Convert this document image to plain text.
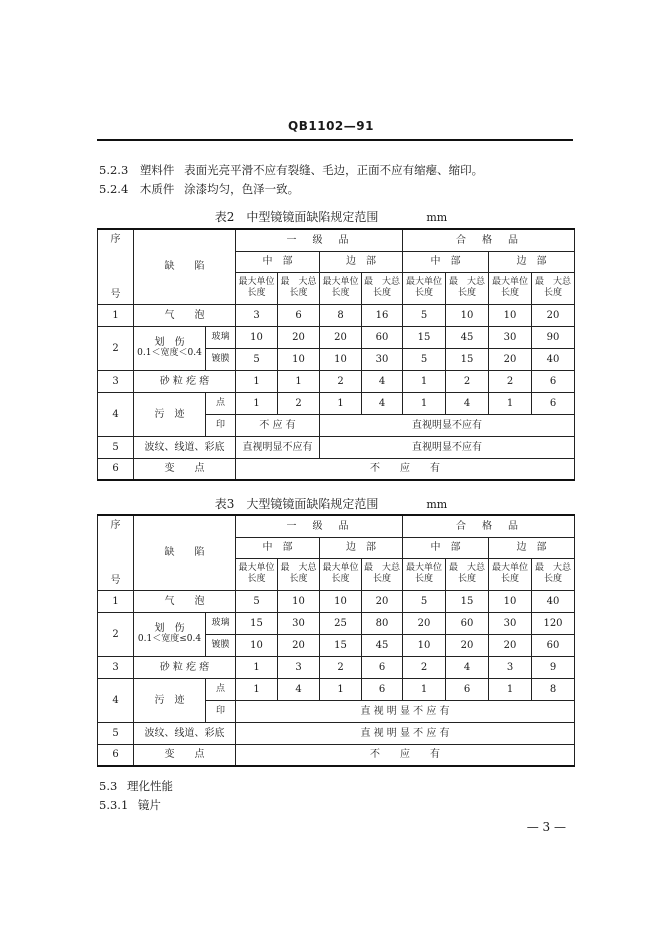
QB1102—91
5.2.3 塑料件 表面光亮平滑不应有裂缝、毛边，正面不应有缩瘪、缩印。
5.2.4 木质件 涂漆均匀，色泽一致。
表2　中型镜镜面缺陷规定范围	mm
序	缺　　陷		一　级　品				合　格　品			
			中　部		边　部		中　部		边　部	
号			最大单位长度	最　大总长度	最大单位长度	最　大总长度	最大单位长度	最　大总长度	最大单位长度	最　大总长度
1	气　　泡		3	6	8	16	5	10	10	20
2	划　伤
0.1＜宽度＜0.4	玻璃	10	20	20	60	15	45	30	90
		镀膜	5	10	10	30	5	15	20	40
3	砂 粒 疙 瘩		1	1	2	4	1	2	2	6
4	污　迹	点	1	2	1	4	1	4	1	6
		印	不 应 有		直视明显不应有					
5	波纹、线道、彩底		直视明显不应有		直视明显不应有					
6	变　　点		不　　应　　有							
表3　大型镜镜面缺陷规定范围	mm
序	缺　　陷		一　级　品				合　格　品			
			中　部		边　部		中　部		边　部	
号			最大单位长度	最　大总长度	最大单位长度	最　大总长度	最大单位长度	最　大总长度	最大单位长度	最　大总长度
1	气　　泡		5	10	10	20	5	15	10	40
2	划　伤
0.1＜宽度≤0.4	玻璃	15	30	25	80	20	60	30	120
		镀膜	10	20	15	45	10	20	20	60
3	砂 粒 疙 瘩		1	3	2	6	2	4	3	9
4	污　迹	点	1	4	1	6	1	6	1	8
		印	直 视 明 显 不 应 有							
5	波纹、线道、彩底		直 视 明 显 不 应 有							
6	变　　点		不　　应　　有							
5.3 理化性能
5.3.1 镜片
— 3 —
